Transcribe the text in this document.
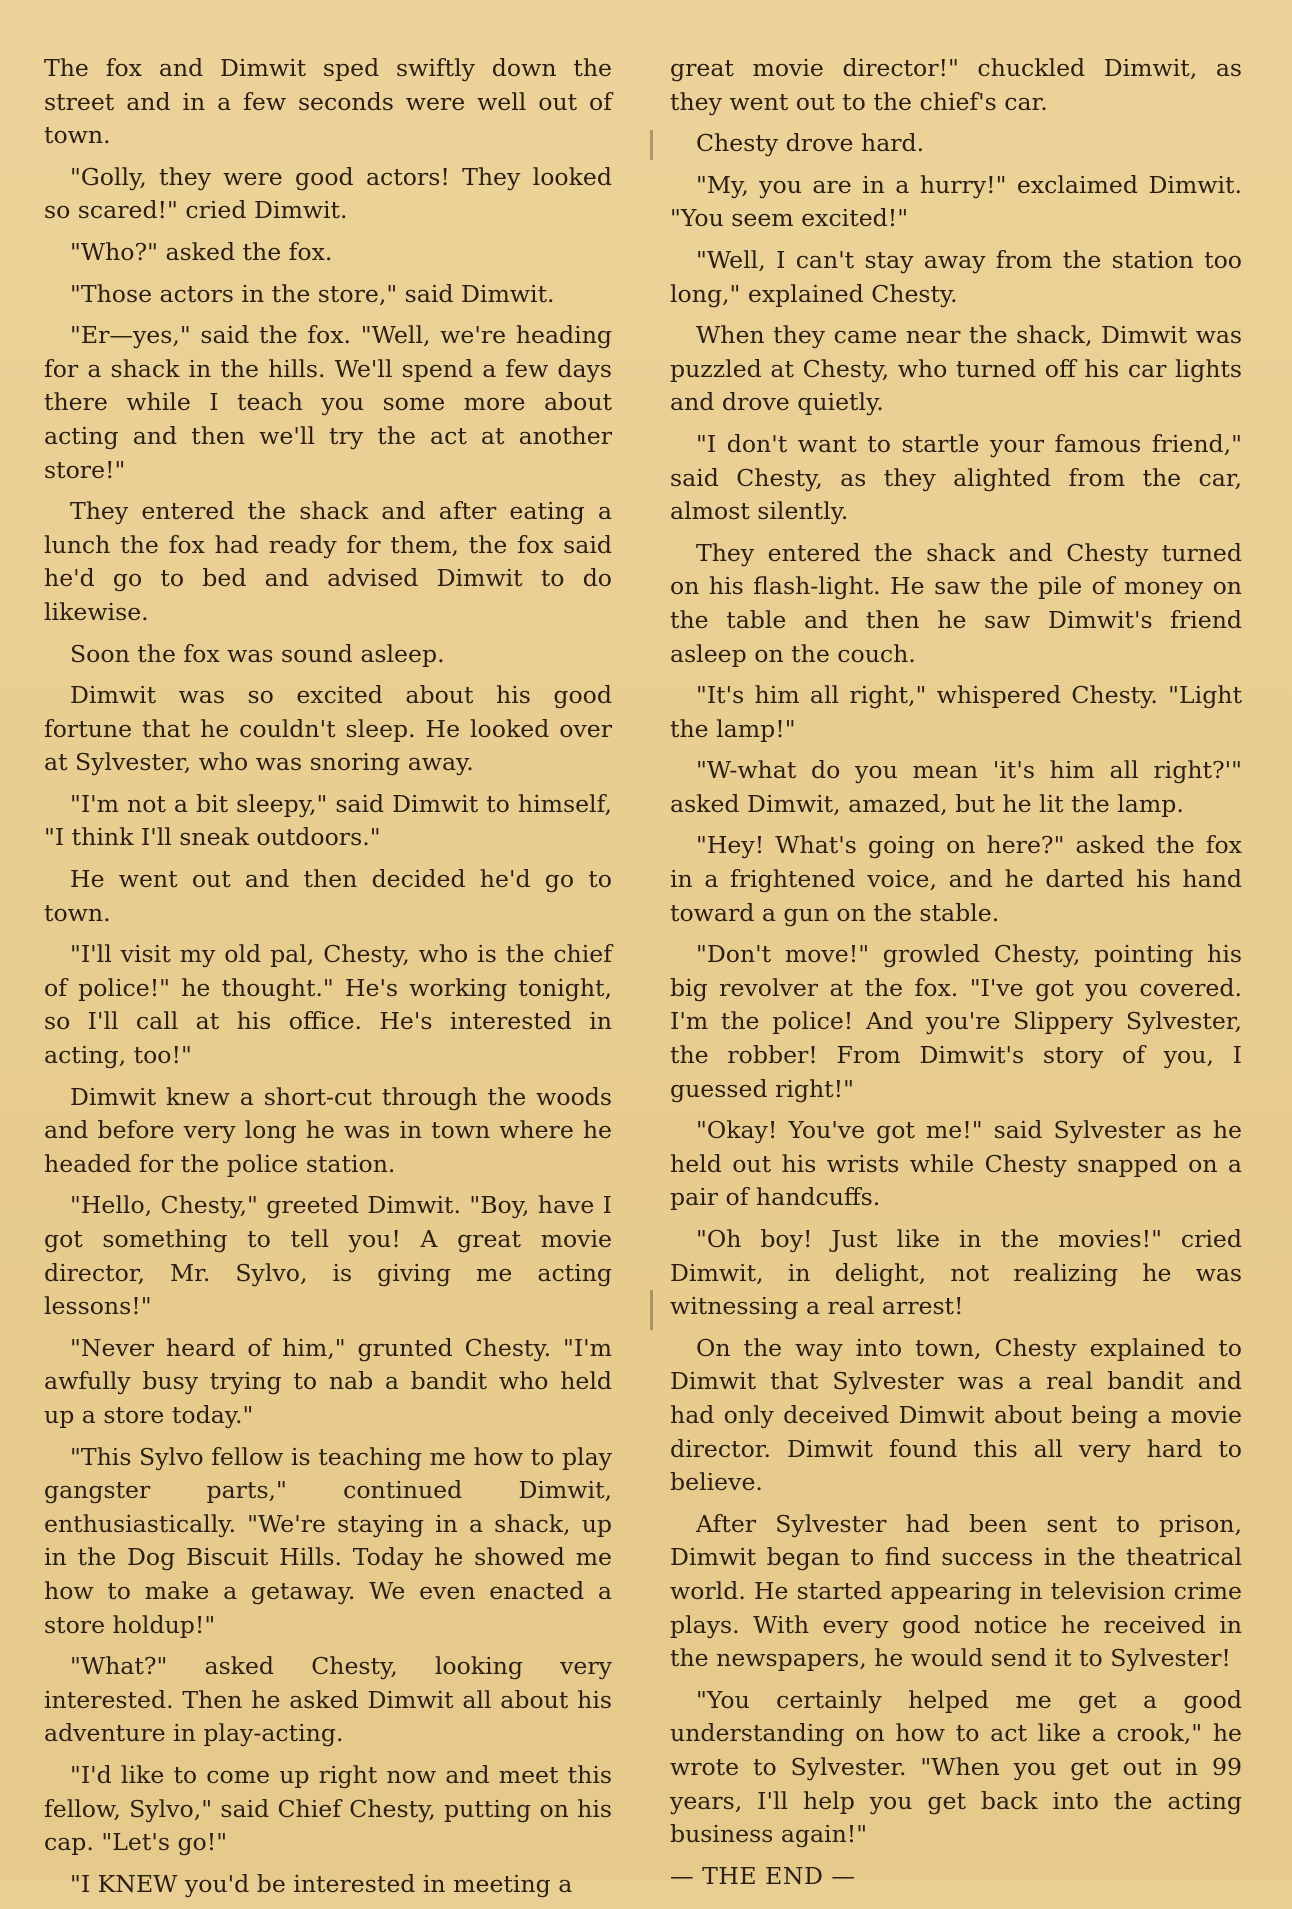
The fox and Dimwit sped swiftly down the street and in a few seconds were well out of town.

"Golly, they were good actors! They looked so scared!" cried Dimwit.

"Who?" asked the fox.

"Those actors in the store," said Dimwit.

"Er—yes," said the fox. "Well, we're heading for a shack in the hills. We'll spend a few days there while I teach you some more about acting and then we'll try the act at another store!"

They entered the shack and after eating a lunch the fox had ready for them, the fox said he'd go to bed and advised Dimwit to do likewise.

Soon the fox was sound asleep.

Dimwit was so excited about his good fortune that he couldn't sleep. He looked over at Sylvester, who was snoring away.

"I'm not a bit sleepy," said Dimwit to himself, "I think I'll sneak outdoors."

He went out and then decided he'd go to town.

"I'll visit my old pal, Chesty, who is the chief of police!" he thought." He's working tonight, so I'll call at his office. He's interested in acting, too!"

Dimwit knew a short-cut through the woods and before very long he was in town where he headed for the police station.

"Hello, Chesty," greeted Dimwit. "Boy, have I got something to tell you! A great movie director, Mr. Sylvo, is giving me acting lessons!"

"Never heard of him," grunted Chesty. "I'm awfully busy trying to nab a bandit who held up a store today."

"This Sylvo fellow is teaching me how to play gangster parts," continued Dimwit, enthusiastically. "We're staying in a shack, up in the Dog Biscuit Hills. Today he showed me how to make a getaway. We even enacted a store holdup!"

"What?" asked Chesty, looking very interested. Then he asked Dimwit all about his adventure in play-acting.

"I'd like to come up right now and meet this fellow, Sylvo," said Chief Chesty, putting on his cap. "Let's go!"

"I KNEW you'd be interested in meeting a

great movie director!" chuckled Dimwit, as they went out to the chief's car.

Chesty drove hard.

"My, you are in a hurry!" exclaimed Dimwit. "You seem excited!"

"Well, I can't stay away from the station too long," explained Chesty.

When they came near the shack, Dimwit was puzzled at Chesty, who turned off his car lights and drove quietly.

"I don't want to startle your famous friend," said Chesty, as they alighted from the car, almost silently.

They entered the shack and Chesty turned on his flash-light. He saw the pile of money on the table and then he saw Dimwit's friend asleep on the couch.

"It's him all right," whispered Chesty. "Light the lamp!"

"W-what do you mean 'it's him all right?'" asked Dimwit, amazed, but he lit the lamp.

"Hey! What's going on here?" asked the fox in a frightened voice, and he darted his hand toward a gun on the stable.

"Don't move!" growled Chesty, pointing his big revolver at the fox. "I've got you covered. I'm the police! And you're Slippery Sylvester, the robber! From Dimwit's story of you, I guessed right!"

"Okay! You've got me!" said Sylvester as he held out his wrists while Chesty snapped on a pair of handcuffs.

"Oh boy! Just like in the movies!" cried Dimwit, in delight, not realizing he was witnessing a real arrest!

On the way into town, Chesty explained to Dimwit that Sylvester was a real bandit and had only deceived Dimwit about being a movie director. Dimwit found this all very hard to believe.

After Sylvester had been sent to prison, Dimwit began to find success in the theatrical world. He started appearing in television crime plays. With every good notice he received in the newspapers, he would send it to Sylvester!

"You certainly helped me get a good understanding on how to act like a crook," he wrote to Sylvester. "When you get out in 99 years, I'll help you get back into the acting business again!"

— THE END —
